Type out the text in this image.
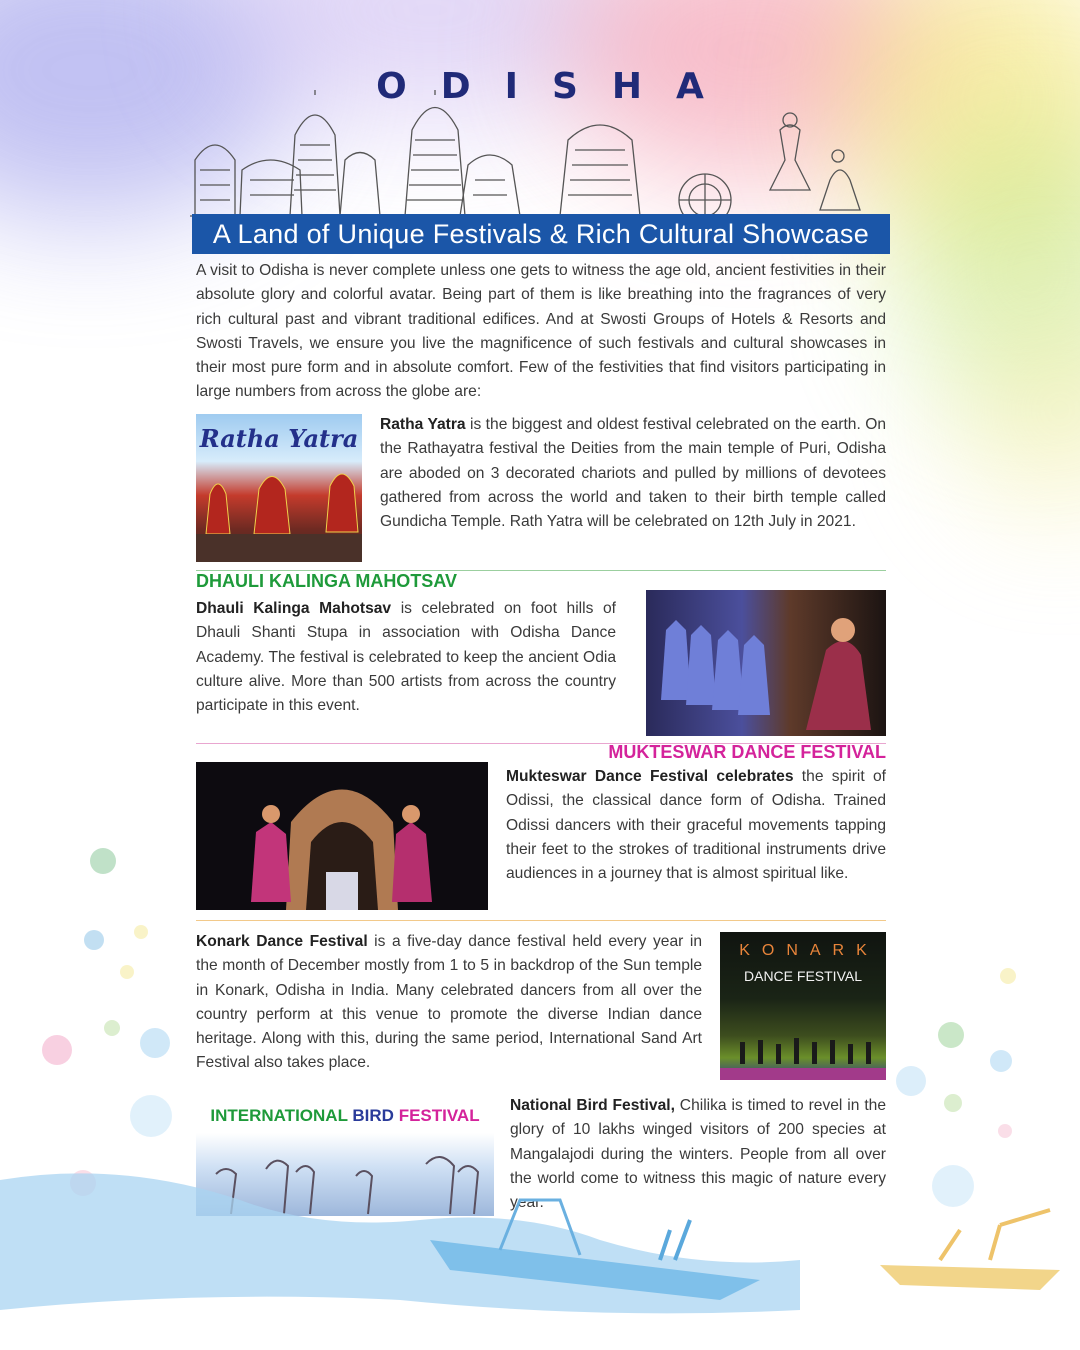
ODISHA
A Land of Unique Festivals & Rich Cultural Showcase
A visit to Odisha is never complete unless one gets to witness the age old, ancient festivities in their absolute glory and colorful avatar. Being part of them is like breathing into the fragrances of very rich cultural past and vibrant traditional edifices. And at Swosti Groups of Hotels & Resorts and Swosti Travels, we ensure you live the magnificence of such festivals and cultural showcases in their most pure form and in absolute comfort. Few of the festivities that find visitors participating in large numbers from across the globe are:
Ratha Yatra Ratha Yatra is the biggest and oldest festival celebrated on the earth. On the Rathayatra festival the Deities from the main temple of Puri, Odisha are aboded on 3 decorated chariots and pulled by millions of devotees gathered from across the world and taken to their birth temple called Gundicha Temple. Rath Yatra will be celebrated on 12th July in 2021.
DHAULI KALINGA MAHOTSAV
Dhauli Kalinga Mahotsav is celebrated on foot hills of Dhauli Shanti Stupa in association with Odisha Dance Academy. The festival is celebrated to keep the ancient Odia culture alive. More than 500 artists from across the country participate in this event.
MUKTESWAR DANCE FESTIVAL
Mukteswar Dance Festival celebrates the spirit of Odissi, the classical dance form of Odisha. Trained Odissi dancers with their graceful movements tapping their feet to the strokes of traditional instruments drive audiences in a journey that is almost spiritual like.
Konark Dance Festival is a five-day dance festival held every year in the month of December mostly from 1 to 5 in backdrop of the Sun temple in Konark, Odisha in India. Many celebrated dancers from all over the country perform at this venue to promote the diverse Indian dance heritage. Along with this, during the same period, International Sand Art Festival also takes place.
KONARK
DANCE FESTIVAL
INTERNATIONAL BIRD FESTIVAL
National Bird Festival, Chilika is timed to revel in the glory of 10 lakhs winged visitors of 200 species at Mangalajodi during the winters. People from all over the world come to witness this magic of nature every year.
